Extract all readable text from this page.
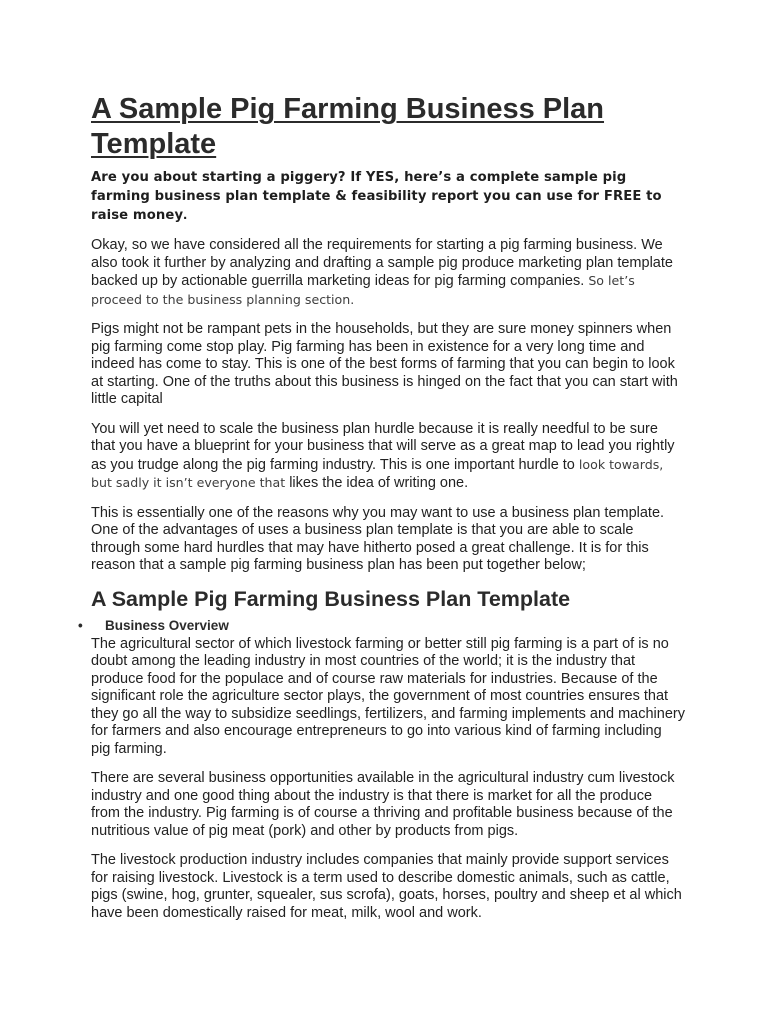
A Sample Pig Farming Business Plan Template

Are you about starting a piggery? If YES, here’s a complete sample pig farming business plan template & feasibility report you can use for FREE to raise money.

Okay, so we have considered all the requirements for starting a pig farming business. We also took it further by analyzing and drafting a sample pig produce marketing plan template backed up by actionable guerrilla marketing ideas for pig farming companies. So let’s proceed to the business planning section.

Pigs might not be rampant pets in the households, but they are sure money spinners when pig farming come stop play. Pig farming has been in existence for a very long time and indeed has come to stay. This is one of the best forms of farming that you can begin to look at starting. One of the truths about this business is hinged on the fact that you can start with little capital

You will yet need to scale the business plan hurdle because it is really needful to be sure that you have a blueprint for your business that will serve as a great map to lead you rightly as you trudge along the pig farming industry. This is one important hurdle to look towards, but sadly it isn’t everyone that likes the idea of writing one.

This is essentially one of the reasons why you may want to use a business plan template. One of the advantages of uses a business plan template is that you are able to scale through some hard hurdles that may have hitherto posed a great challenge. It is for this reason that a sample pig farming business plan has been put together below;

A Sample Pig Farming Business Plan Template
• Business Overview

The agricultural sector of which livestock farming or better still pig farming is a part of is no doubt among the leading industry in most countries of the world; it is the industry that produce food for the populace and of course raw materials for industries. Because of the significant role the agriculture sector plays, the government of most countries ensures that they go all the way to subsidize seedlings, fertilizers, and farming implements and machinery for farmers and also encourage entrepreneurs to go into various kind of farming including pig farming.

There are several business opportunities available in the agricultural industry cum livestock industry and one good thing about the industry is that there is market for all the produce from the industry. Pig farming is of course a thriving and profitable business because of the nutritious value of pig meat (pork) and other by products from pigs.

The livestock production industry includes companies that mainly provide support services for raising livestock. Livestock is a term used to describe domestic animals, such as cattle, pigs (swine, hog, grunter, squealer, sus scrofa), goats, horses, poultry and sheep et al which have been domestically raised for meat, milk, wool and work.
